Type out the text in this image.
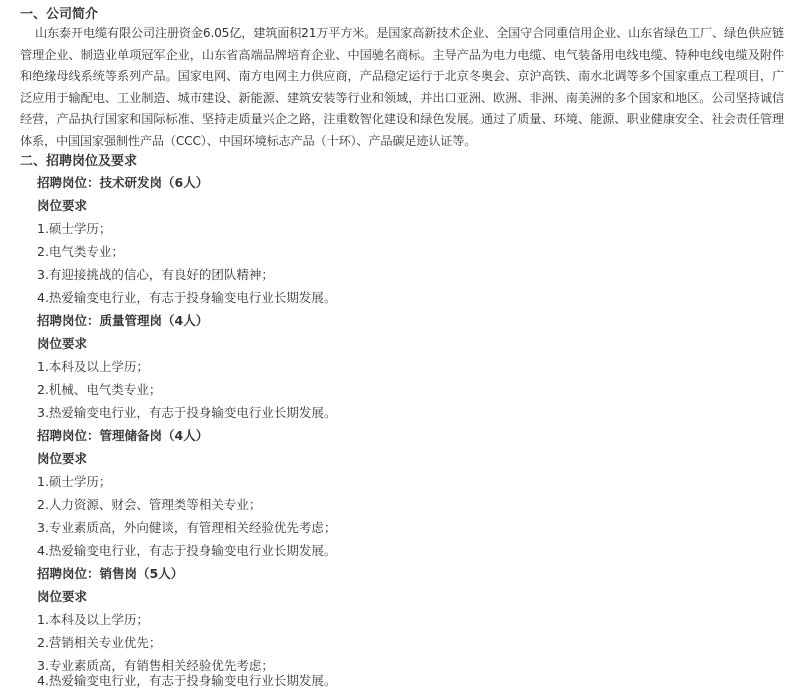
一、公司简介

山东泰开电缆有限公司注册资金6.05亿，建筑面积21万平方米。是国家高新技术企业、全国守合同重信用企业、山东省绿色工厂、绿色供应链管理企业、制造业单项冠军企业，山东省高端品牌培育企业、中国驰名商标。主导产品为电力电缆、电气装备用电线电缆、特种电线电缆及附件和绝缘母线系统等系列产品。国家电网、南方电网主力供应商，产品稳定运行于北京冬奥会、京沪高铁、南水北调等多个国家重点工程项目，广泛应用于输配电、工业制造、城市建设、新能源、建筑安装等行业和领域，并出口亚洲、欧洲、非洲、南美洲的多个国家和地区。公司坚持诚信经营，产品执行国家和国际标准、坚持走质量兴企之路，注重数智化建设和绿色发展。通过了质量、环境、能源、职业健康安全、社会责任管理体系，中国国家强制性产品（CCC）、中国环境标志产品（十环）、产品碳足迹认证等。

二、招聘岗位及要求

招聘岗位：技术研发岗（6人）

岗位要求

1.硕士学历；

2.电气类专业；

3.有迎接挑战的信心，有良好的团队精神；

4.热爱输变电行业，有志于投身输变电行业长期发展。

招聘岗位：质量管理岗（4人）

岗位要求

1.本科及以上学历；

2.机械、电气类专业；

3.热爱输变电行业，有志于投身输变电行业长期发展。

招聘岗位：管理储备岗（4人）

岗位要求

1.硕士学历；

2.人力资源、财会、管理类等相关专业；

3.专业素质高，外向健谈，有管理相关经验优先考虑；

4.热爱输变电行业，有志于投身输变电行业长期发展。

招聘岗位：销售岗（5人）

岗位要求

1.本科及以上学历；

2.营销相关专业优先；

3.专业素质高，有销售相关经验优先考虑；

4.热爱输变电行业，有志于投身输变电行业长期发展。
